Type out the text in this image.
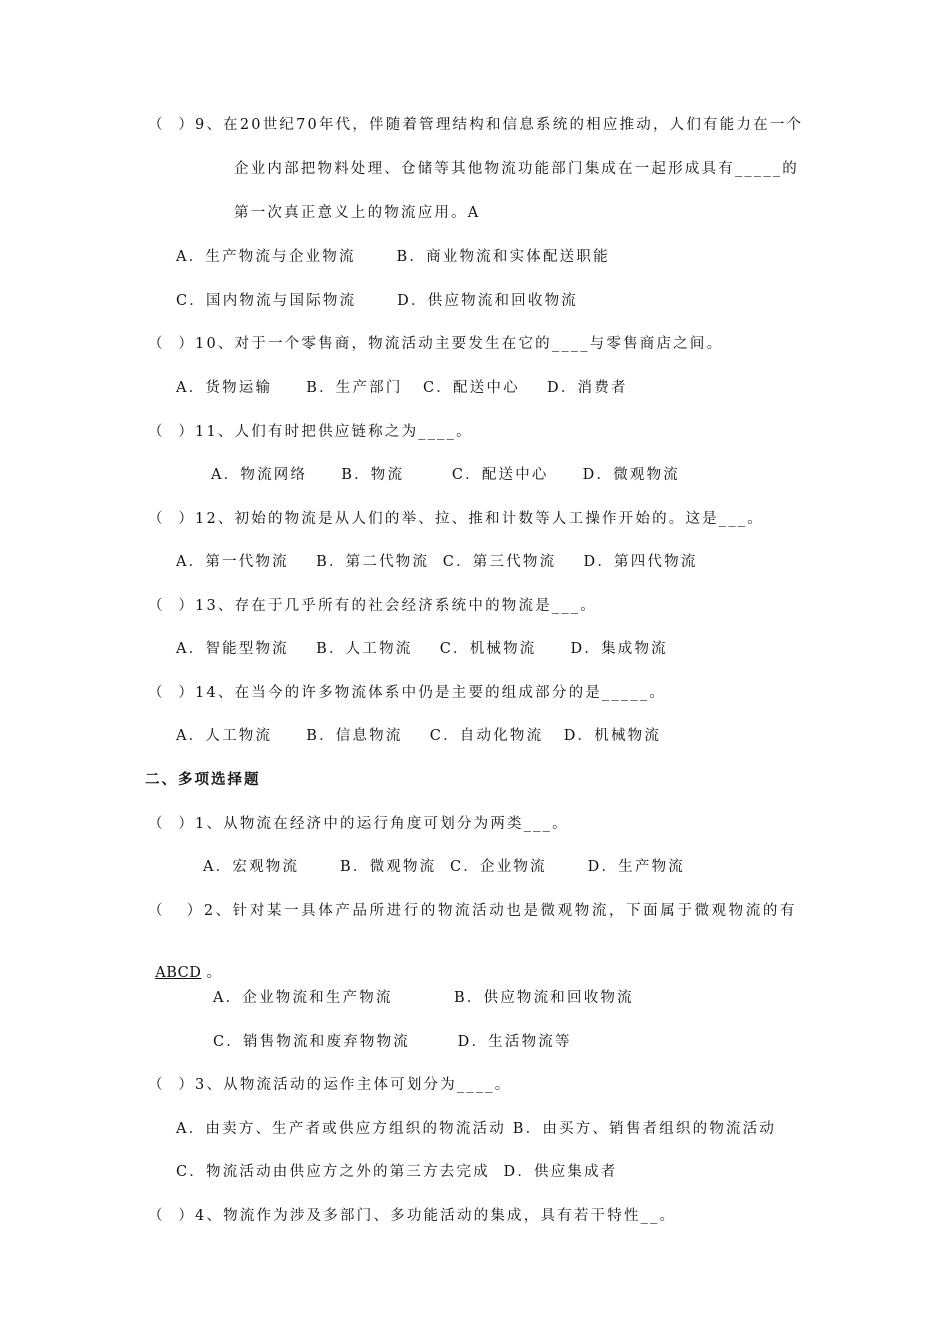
（  ）9、在20世纪70年代，伴随着管理结构和信息系统的相应推动，人们有能力在一个
企业内部把物料处理、仓储等其他物流功能部门集成在一起形成具有_____的
第一次真正意义上的物流应用。A
A．生产物流与企业物流      B．商业物流和实体配送职能
C．国内物流与国际物流      D．供应物流和回收物流
（  ）10、对于一个零售商，物流活动主要发生在它的____与零售商店之间。
A．货物运输     B．生产部门   C．配送中心    D．消费者
（  ）11、人们有时把供应链称之为____。
A．物流网络     B．物流       C．配送中心     D．微观物流
（  ）12、初始的物流是从人们的举、拉、推和计数等人工操作开始的。这是___。
A．第一代物流    B．第二代物流  C．第三代物流    D．第四代物流
（  ）13、存在于几乎所有的社会经济系统中的物流是___。
A．智能型物流    B．人工物流    C．机械物流     D．集成物流
（  ）14、在当今的许多物流体系中仍是主要的组成部分的是_____。
A．人工物流     B．信息物流    C．自动化物流   D．机械物流
二、多项选择题
（  ）1、从物流在经济中的运行角度可划分为两类___。
A．宏观物流      B．微观物流  C．企业物流      D．生产物流
（   ）2、针对某一具体产品所进行的物流活动也是微观物流，下面属于微观物流的有

ABCD 。

A．企业物流和生产物流         B．供应物流和回收物流
C．销售物流和废弃物物流       D．生活物流等
（  ）3、从物流活动的运作主体可划分为____。
A．由卖方、生产者或供应方组织的物流活动 B．由买方、销售者组织的物流活动
C．物流活动由供应方之外的第三方去完成  D．供应集成者
（  ）4、物流作为涉及多部门、多功能活动的集成，具有若干特性__。
